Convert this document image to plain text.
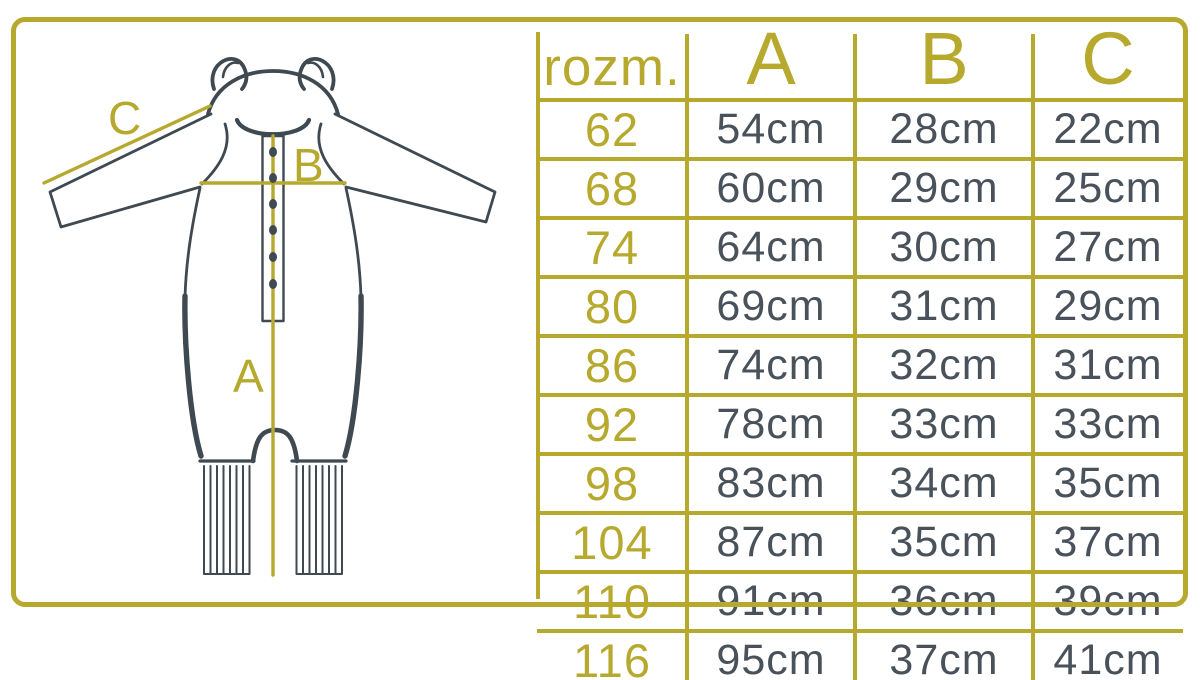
C
B
A
rozm. A	B	C
62	54cm	28cm	22cm
68	60cm	29cm	25cm
74	64cm	30cm	27cm
80	69cm	31cm	29cm
86	74cm	32cm	31cm
92	78cm	33cm	33cm
98	83cm	34cm	35cm
104	87cm	35cm	37cm
110	91cm	36cm	39cm
116	95cm	37cm	41cm
